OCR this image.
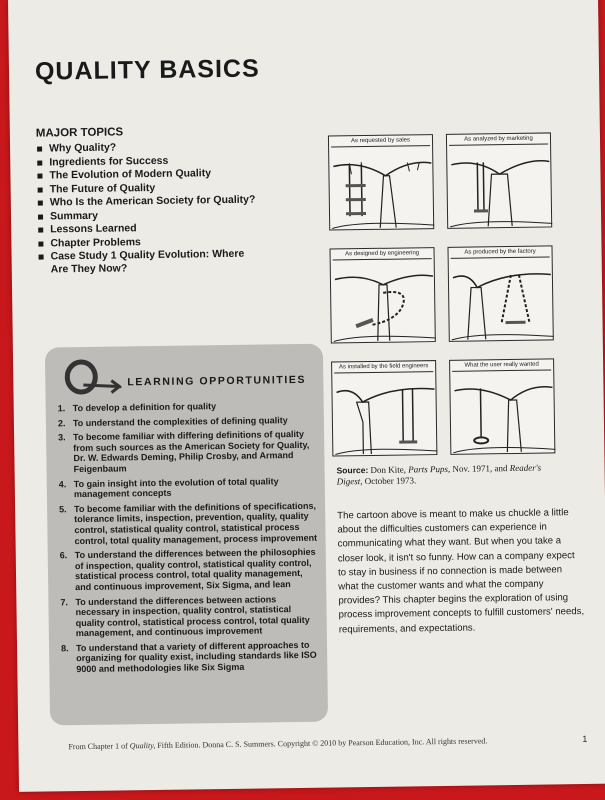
QUALITY BASICS
MAJOR TOPICS
Why Quality?
Ingredients for Success
The Evolution of Modern Quality
The Future of Quality
Who Is the American Society for Quality?
Summary
Lessons Learned
Chapter Problems
Case Study 1 Quality Evolution: Where Are They Now?
LEARNING OPPORTUNITIES
1. To develop a definition for quality
2. To understand the complexities of defining quality
3. To become familiar with differing definitions of quality from such sources as the American Society for Quality, Dr. W. Edwards Deming, Philip Crosby, and Armand Feigenbaum
4. To gain insight into the evolution of total quality management concepts
5. To become familiar with the definitions of specifications, tolerance limits, inspection, prevention, quality, quality control, statistical quality control, statistical process control, total quality management, process improvement
6. To understand the differences between the philosophies of inspection, quality control, statistical quality control, statistical process control, total quality management, and continuous improvement, Six Sigma, and lean
7. To understand the differences between actions necessary in inspection, quality control, statistical quality control, statistical process control, total quality management, and continuous improvement
8. To understand that a variety of different approaches to organizing for quality exist, including standards like ISO 9000 and methodologies like Six Sigma
As requested by sales	As analyzed by marketing
As designed by engineering	As produced by the factory
As installed by the field engineers	What the user really wanted
Source: Don Kite, Parts Pups, Nov. 1971, and Reader's Digest, October 1973.

The cartoon above is meant to make us chuckle a little about the difficulties customers can experience in communicating what they want. But when you take a closer look, it isn't so funny. How can a company expect to stay in business if no connection is made between what the customer wants and what the company provides? This chapter begins the exploration of using process improvement concepts to fulfill customers' needs, requirements, and expectations.

1
From Chapter 1 of Quality, Fifth Edition. Donna C. S. Summers. Copyright © 2010 by Pearson Education, Inc. All rights reserved.
